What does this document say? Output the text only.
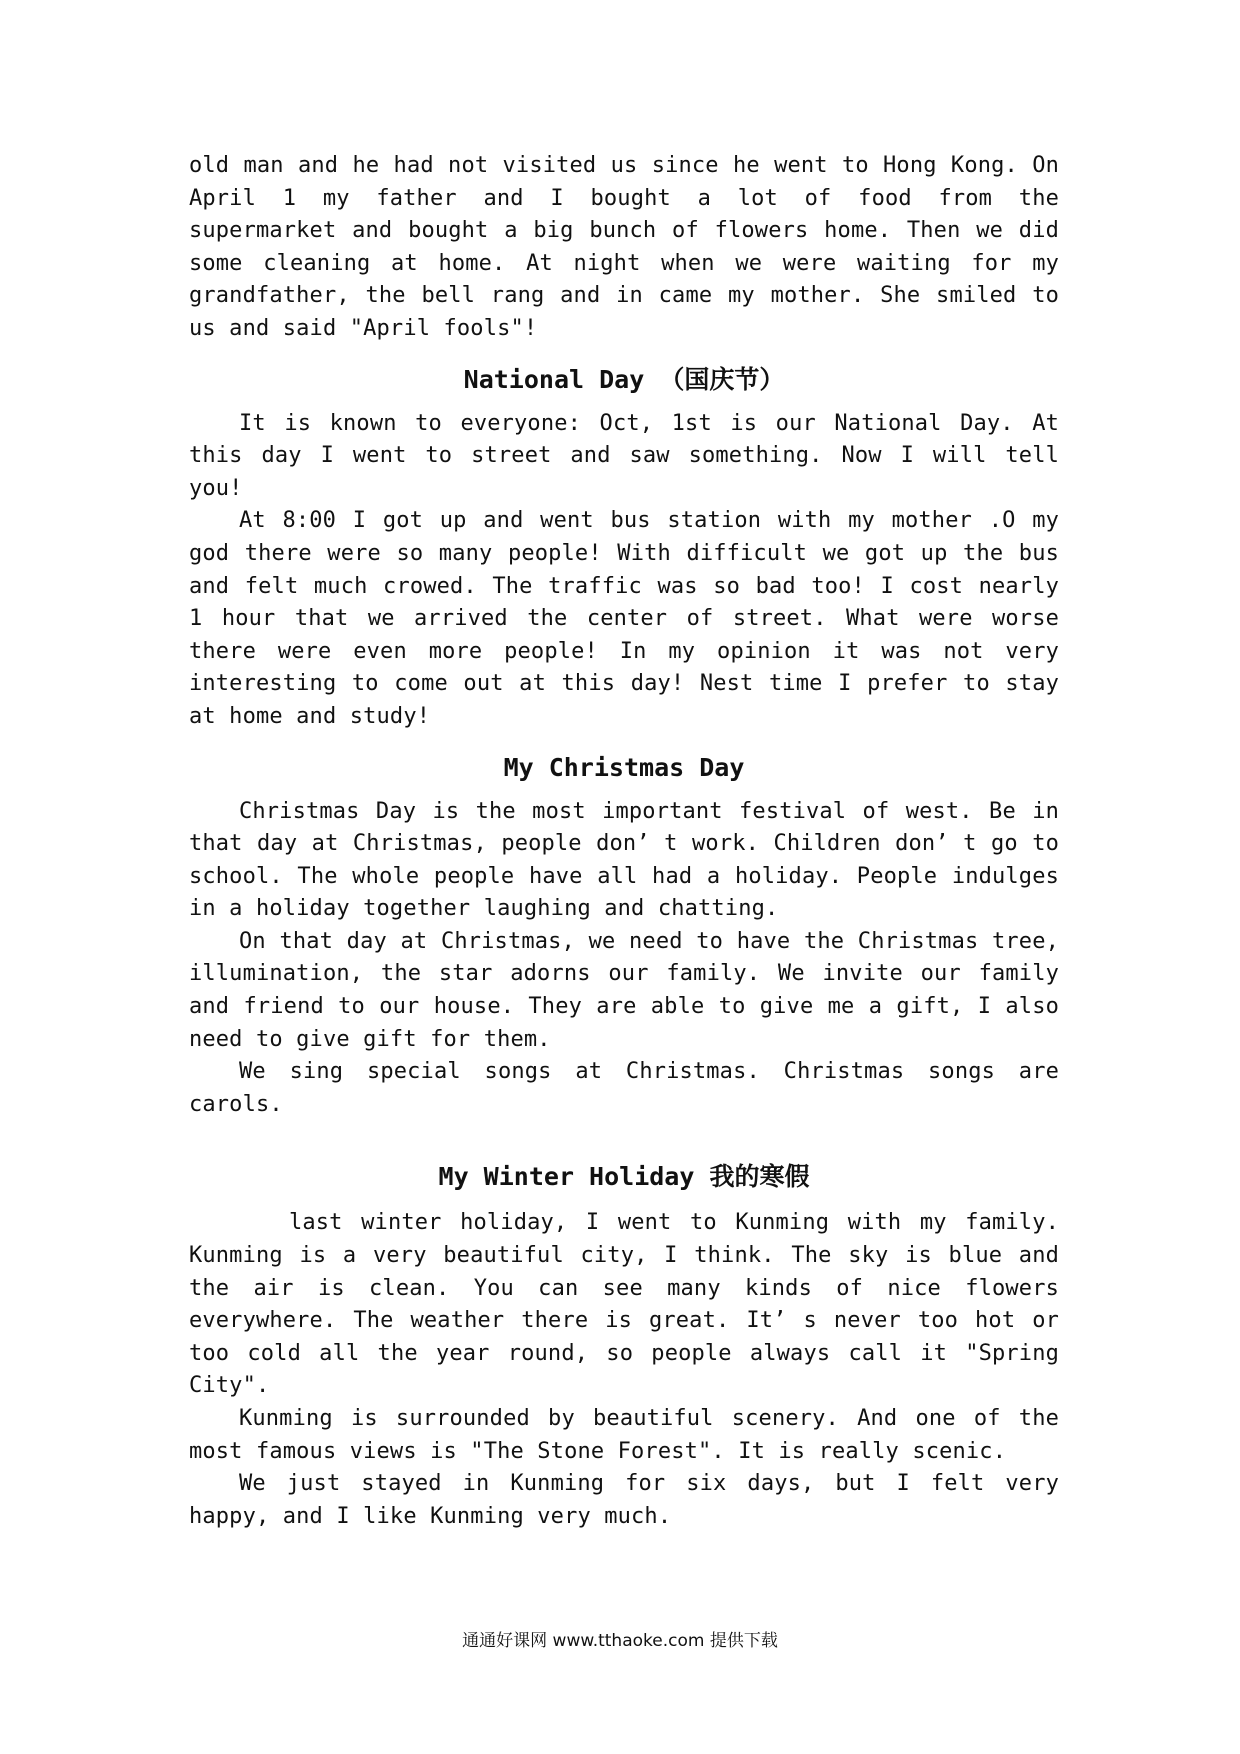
old man and he had not visited us since he went to Hong Kong. On April 1 my father and I bought a lot of food from the supermarket and bought a big bunch of flowers home. Then we did some cleaning at home. At night when we were waiting for my grandfather, the bell rang and in came my mother. She smiled to us and said "April fools"!

National Day （国庆节）

It is known to everyone: Oct, 1st is our National Day. At this day I went to street and saw something. Now I will tell you!

At 8:00 I got up and went bus station with my mother .O my god there were so many people! With difficult we got up the bus and felt much crowed. The traffic was so bad too! I cost nearly 1 hour that we arrived the center of street. What were worse there were even more people! In my opinion it was not very interesting to come out at this day! Nest time I prefer to stay at home and study!

My Christmas Day

Christmas Day is the most important festival of west. Be in that day at Christmas, people don’ t work. Children don’ t go to school. The whole people have all had a holiday. People indulges in a holiday together laughing and chatting.

On that day at Christmas, we need to have the Christmas tree, illumination, the star adorns our family. We invite our family and friend to our house. They are able to give me a gift, I also need to give gift for them.

We sing special songs at Christmas. Christmas songs are carols.

My Winter Holiday 我的寒假

last winter holiday, I went to Kunming with my family. Kunming is a very beautiful city, I think. The sky is blue and the air is clean. You can see many kinds of nice flowers everywhere. The weather there is great. It’ s never too hot or too cold all the year round, so people always call it "Spring City".

Kunming is surrounded by beautiful scenery. And one of the most famous views is "The Stone Forest". It is really scenic.

We just stayed in Kunming for six days, but I felt very happy, and I like Kunming very much.

通通好课网 www.tthaoke.com 提供下载
